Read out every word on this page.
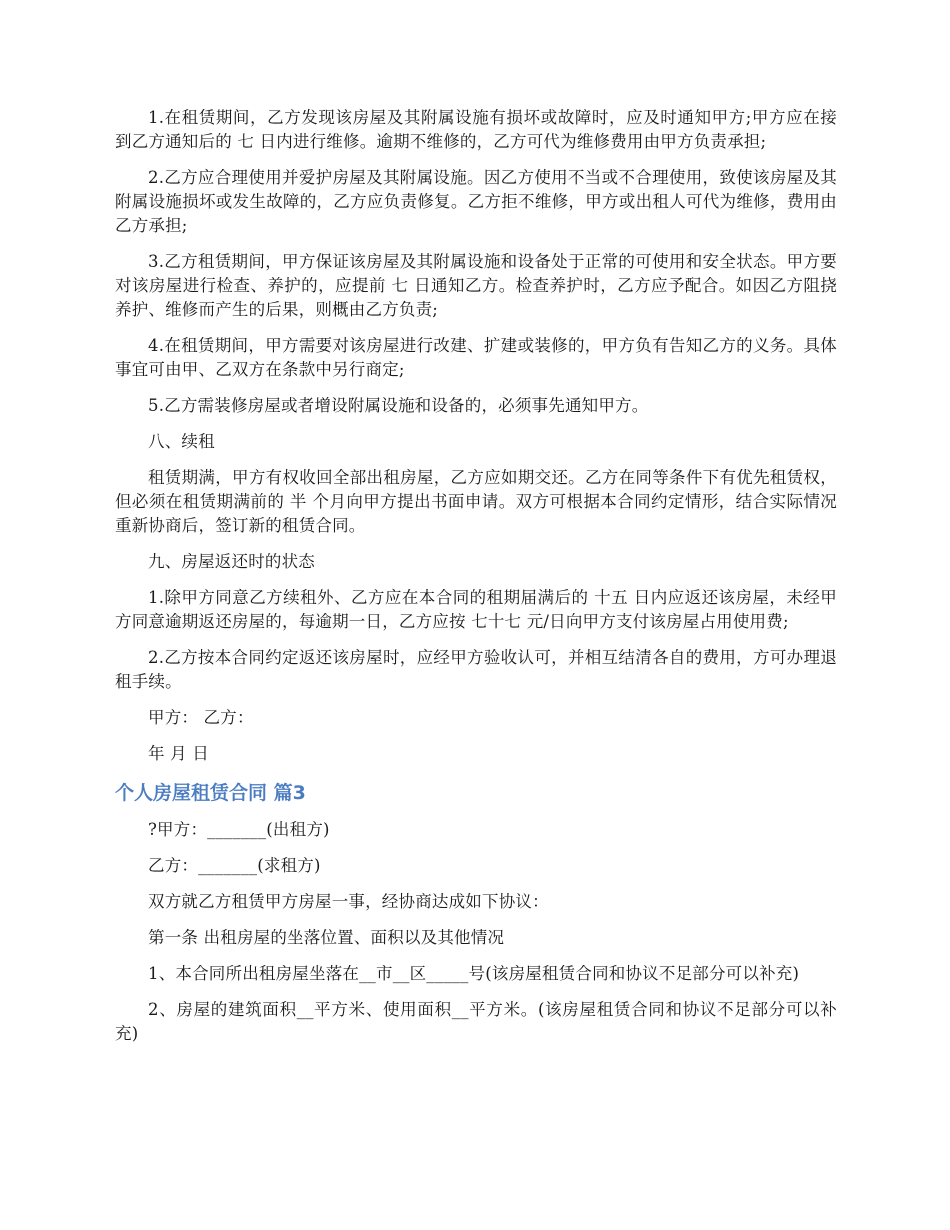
1.在租赁期间，乙方发现该房屋及其附属设施有损坏或故障时，应及时通知甲方;甲方应在接到乙方通知后的 七 日内进行维修。逾期不维修的，乙方可代为维修费用由甲方负责承担;

2.乙方应合理使用并爱护房屋及其附属设施。因乙方使用不当或不合理使用，致使该房屋及其附属设施损坏或发生故障的，乙方应负责修复。乙方拒不维修，甲方或出租人可代为维修，费用由乙方承担;

3.乙方租赁期间，甲方保证该房屋及其附属设施和设备处于正常的可使用和安全状态。甲方要对该房屋进行检查、养护的，应提前 七 日通知乙方。检查养护时，乙方应予配合。如因乙方阻挠养护、维修而产生的后果，则概由乙方负责;

4.在租赁期间，甲方需要对该房屋进行改建、扩建或装修的，甲方负有告知乙方的义务。具体事宜可由甲、乙双方在条款中另行商定;

5.乙方需装修房屋或者增设附属设施和设备的，必须事先通知甲方。

八、续租

租赁期满，甲方有权收回全部出租房屋，乙方应如期交还。乙方在同等条件下有优先租赁权，但必须在租赁期满前的 半 个月向甲方提出书面申请。双方可根据本合同约定情形，结合实际情况重新协商后，签订新的租赁合同。

九、房屋返还时的状态

1.除甲方同意乙方续租外、乙方应在本合同的租期届满后的 十五 日内应返还该房屋，未经甲方同意逾期返还房屋的，每逾期一日，乙方应按 七十七 元/日向甲方支付该房屋占用使用费;

2.乙方按本合同约定返还该房屋时，应经甲方验收认可，并相互结清各自的费用，方可办理退租手续。

甲方： 乙方：

年 月 日

个人房屋租赁合同 篇3

?甲方：_______(出租方)

乙方：_______(求租方)

双方就乙方租赁甲方房屋一事，经协商达成如下协议：

第一条 出租房屋的坐落位置、面积以及其他情况

1、本合同所出租房屋坐落在__市__区_____号(该房屋租赁合同和协议不足部分可以补充)

2、房屋的建筑面积__平方米、使用面积__平方米。(该房屋租赁合同和协议不足部分可以补充)
